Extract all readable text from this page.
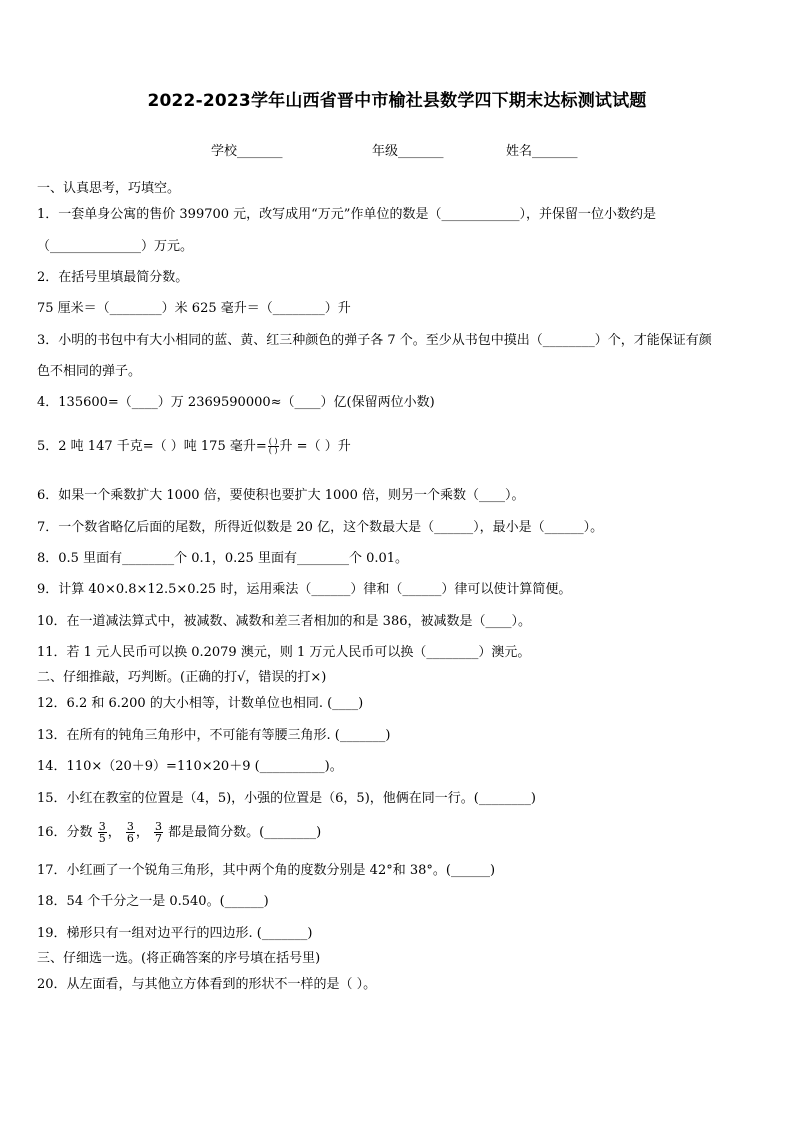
2022-2023学年山西省晋中市榆社县数学四下期末达标测试试题
学校_______	年级_______	姓名_______
一、认真思考，巧填空。
1．一套单身公寓的售价 399700 元，改写成用“万元”作单位的数是（____________），并保留一位小数约是
（______________）万元。
2．在括号里填最简分数。
75 厘米＝（________）米 625 毫升＝（________）升
3．小明的书包中有大小相同的蓝、黄、红三种颜色的弹子各 7 个。至少从书包中摸出（________）个，才能保证有颜
色不相同的弹子。
4．135600=（____）万 2369590000≈（____）亿(保留两位小数)
5．2 吨 147 千克=（ ）吨 175 毫升= ( )
( ) 升 =（ ）升
6．如果一个乘数扩大 1000 倍，要使积也要扩大 1000 倍，则另一个乘数（____）。
7．一个数省略亿后面的尾数，所得近似数是 20 亿，这个数最大是（______），最小是（______）。
8．0.5 里面有________个 0.1，0.25 里面有________个 0.01。
9．计算 40×0.8×12.5×0.25 时，运用乘法（______）律和（______）律可以使计算简便。
10．在一道减法算式中，被减数、减数和差三者相加的和是 386，被减数是（____）。
11．若 1 元人民币可以换 0.2079 澳元，则 1 万元人民币可以换（________）澳元。
二、仔细推敲，巧判断。(正确的打√，错误的打×)
12．6.2 和 6.200 的大小相等，计数单位也相同. (____)
13．在所有的钝角三角形中，不可能有等腰三角形. (_______)
14．110×（20＋9）=110×20＋9 (__________)。
15．小红在教室的位置是（4，5)，小强的位置是（6，5)，他俩在同一行。(________)
16．分数 $\frac{3}{5}$ ， $\frac{3}{6}$ ， $\frac{3}{7}$ 都是最简分数。(________)
17．小红画了一个锐角三角形，其中两个角的度数分别是 42°和 38°。(______)
18．54 个千分之一是 0.540。(______)
19．梯形只有一组对边平行的四边形. (_______)
三、仔细选一选。(将正确答案的序号填在括号里)
20．从左面看，与其他立方体看到的形状不一样的是（ ）。
